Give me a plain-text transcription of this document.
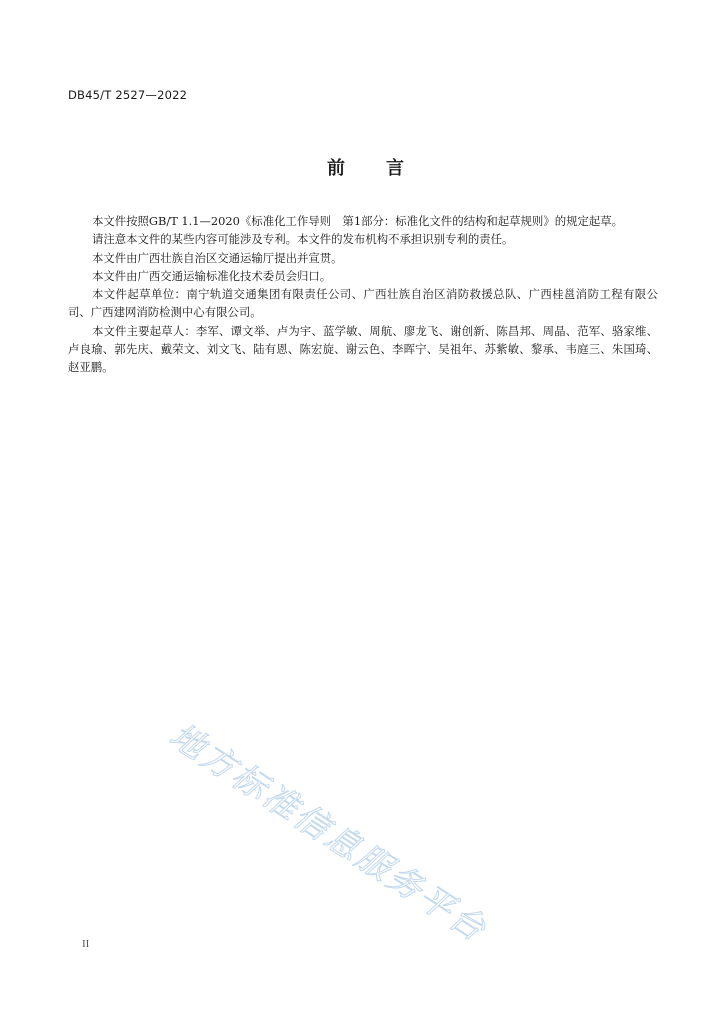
DB45/T 2527—2022
前 言

本文件按照GB/T 1.1—2020《标准化工作导则　第1部分：标准化文件的结构和起草规则》的规定起草。

请注意本文件的某些内容可能涉及专利。本文件的发布机构不承担识别专利的责任。

本文件由广西壮族自治区交通运输厅提出并宣贯。

本文件由广西交通运输标准化技术委员会归口。

本文件起草单位：南宁轨道交通集团有限责任公司、广西壮族自治区消防救援总队、广西桂邕消防工程有限公司、广西建网消防检测中心有限公司。

本文件主要起草人：李军、谭文举、卢为宇、蓝学敏、周航、廖龙飞、谢创新、陈昌邦、周晶、范军、骆家维、卢良瑜、郭先庆、戴荣文、刘文飞、陆有恩、陈宏旋、谢云色、李晖宁、吴祖年、苏紫敏、黎承、韦庭三、朱国琦、赵亚鹏。

地方标准信息服务平台
II
